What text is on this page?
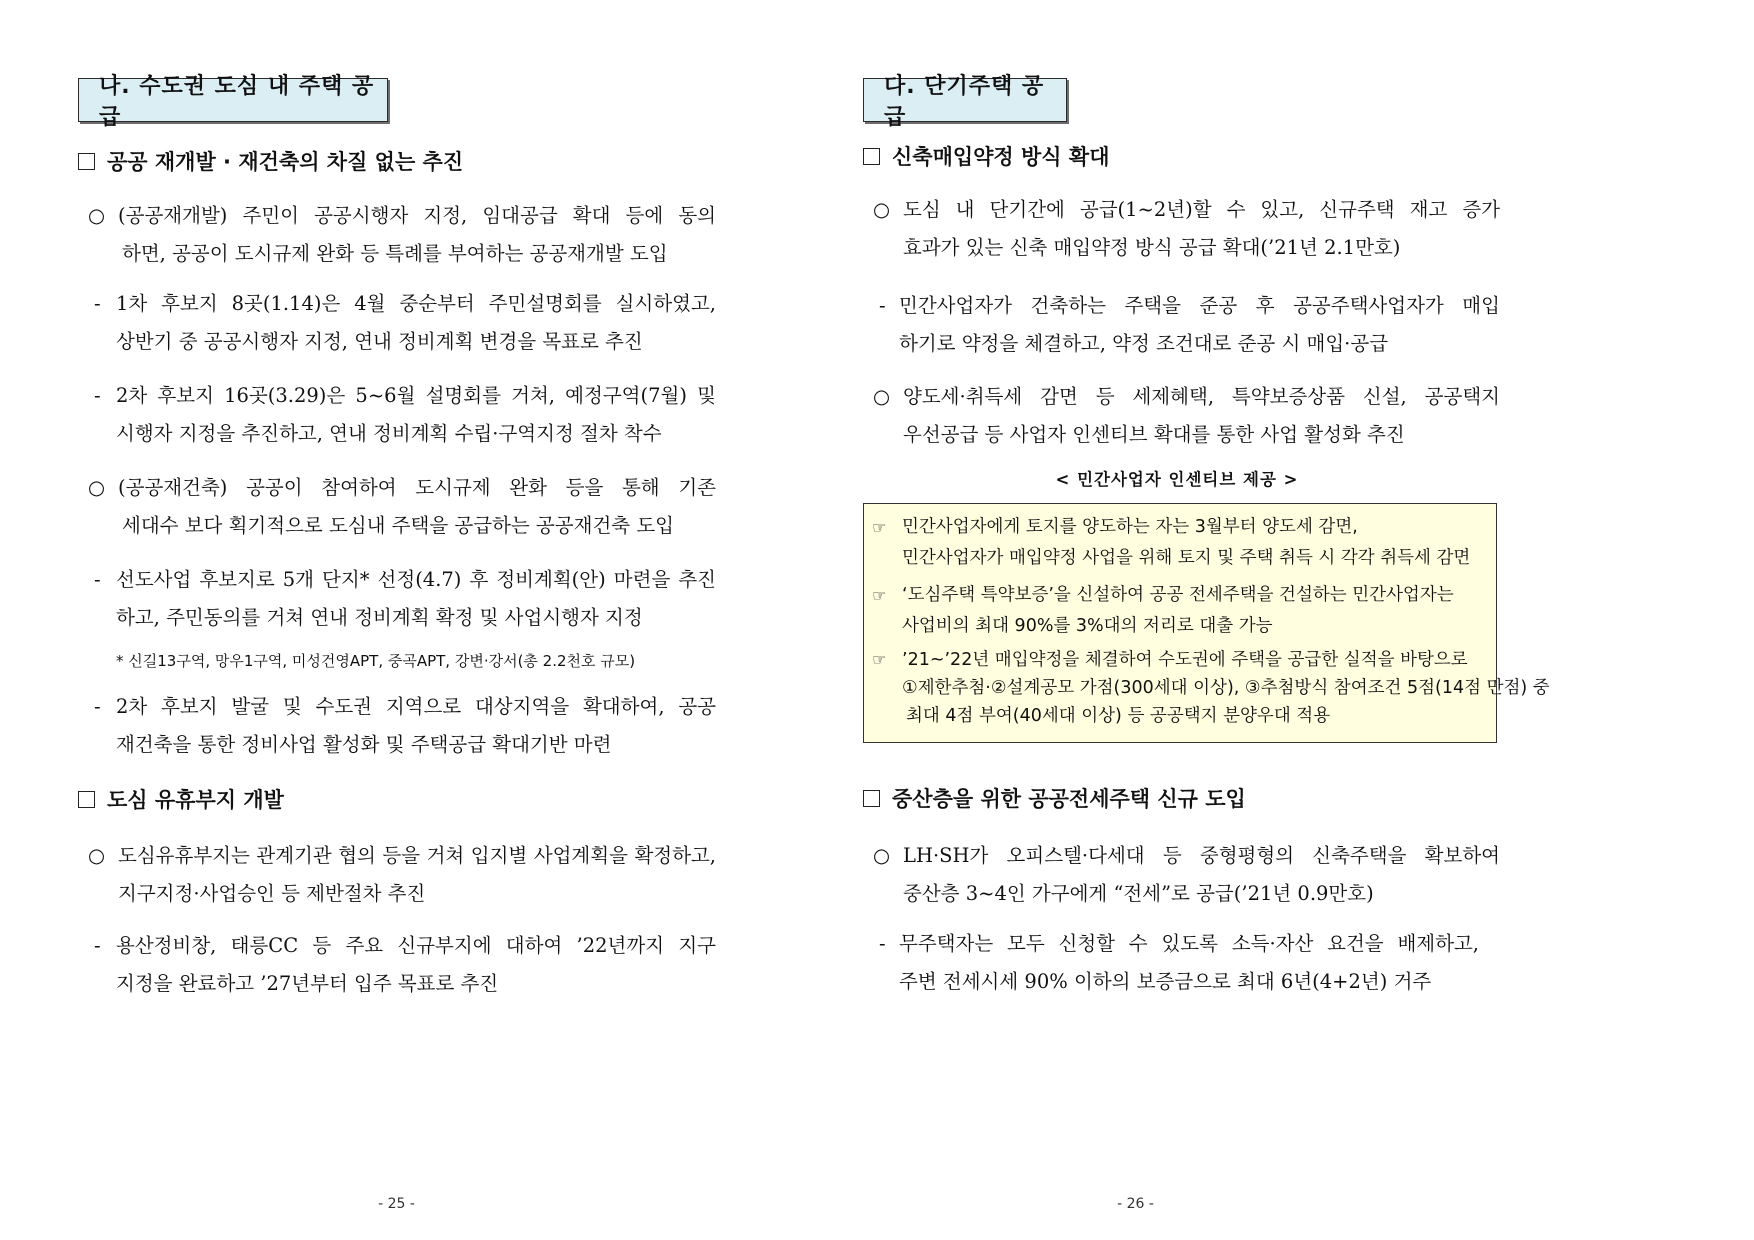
나. 수도권 도심 내 주택 공급
공공 재개발 · 재건축의 차질 없는 추진
○ (공공재개발) 주민이 공공시행자 지정, 임대공급 확대 등에 동의
하면, 공공이 도시규제 완화 등 특례를 부여하는 공공재개발 도입
- 1차 후보지 8곳(1.14)은 4월 중순부터 주민설명회를 실시하였고,
상반기 중 공공시행자 지정, 연내 정비계획 변경을 목표로 추진
- 2차 후보지 16곳(3.29)은 5~6월 설명회를 거쳐, 예정구역(7월) 및
시행자 지정을 추진하고, 연내 정비계획 수립·구역지정 절차 착수
○ (공공재건축) 공공이 참여하여 도시규제 완화 등을 통해 기존
세대수 보다 획기적으로 도심내 주택을 공급하는 공공재건축 도입
- 선도사업 후보지로 5개 단지* 선정(4.7) 후 정비계획(안) 마련을 추진
하고, 주민동의를 거쳐 연내 정비계획 확정 및 사업시행자 지정
* 신길13구역, 망우1구역, 미성건영APT, 중곡APT, 강변·강서(총 2.2천호 규모)
- 2차 후보지 발굴 및 수도권 지역으로 대상지역을 확대하여, 공공
재건축을 통한 정비사업 활성화 및 주택공급 확대기반 마련
도심 유휴부지 개발
○ 도심유휴부지는 관계기관 협의 등을 거쳐 입지별 사업계획을 확정하고,
지구지정·사업승인 등 제반절차 추진
- 용산정비창, 태릉CC 등 주요 신규부지에 대하여 ’22년까지 지구
지정을 완료하고 ’27년부터 입주 목표로 추진
- 25 -
다. 단기주택 공급
신축매입약정 방식 확대
○ 도심 내 단기간에 공급(1~2년)할 수 있고, 신규주택 재고 증가
효과가 있는 신축 매입약정 방식 공급 확대(’21년 2.1만호)
- 민간사업자가 건축하는 주택을 준공 후 공공주택사업자가 매입
하기로 약정을 체결하고, 약정 조건대로 준공 시 매입·공급
○ 양도세·취득세 감면 등 세제혜택, 특약보증상품 신설, 공공택지
우선공급 등 사업자 인센티브 확대를 통한 사업 활성화 추진
< 민간사업자 인센티브 제공 >
☞ 민간사업자에게 토지를 양도하는 자는 3월부터 양도세 감면,
민간사업자가 매입약정 사업을 위해 토지 및 주택 취득 시 각각 취득세 감면
☞ ‘도심주택 특약보증’을 신설하여 공공 전세주택을 건설하는 민간사업자는
사업비의 최대 90%를 3%대의 저리로 대출 가능
☞ ’21~’22년 매입약정을 체결하여 수도권에 주택을 공급한 실적을 바탕으로
①제한추첨·②설계공모 가점(300세대 이상), ③추첨방식 참여조건 5점(14점 만점) 중
최대 4점 부여(40세대 이상) 등 공공택지 분양우대 적용
중산층을 위한 공공전세주택 신규 도입
○ LH·SH가 오피스텔·다세대 등 중형평형의 신축주택을 확보하여
중산층 3~4인 가구에게 “전세”로 공급(’21년 0.9만호)
- 무주택자는 모두 신청할 수 있도록 소득·자산 요건을 배제하고,
주변 전세시세 90% 이하의 보증금으로 최대 6년(4+2년) 거주
- 26 -
